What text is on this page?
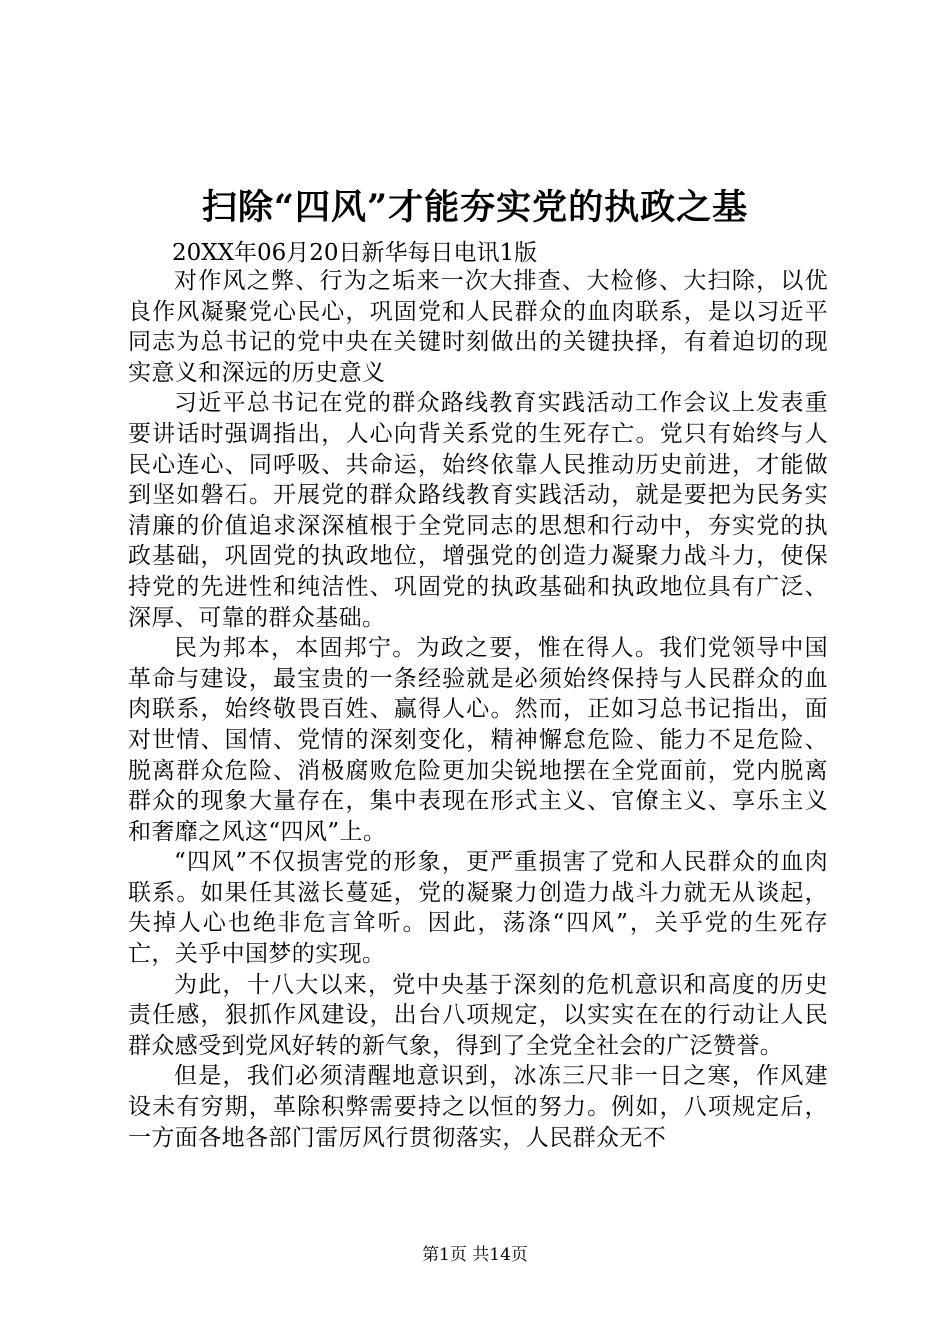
扫除“四风”才能夯实党的执政之基

20XX年06月20日新华每日电讯1版

对作风之弊、行为之垢来一次大排查、大检修、大扫除，以优良作风凝聚党心民心，巩固党和人民群众的血肉联系，是以习近平同志为总书记的党中央在关键时刻做出的关键抉择，有着迫切的现实意义和深远的历史意义

习近平总书记在党的群众路线教育实践活动工作会议上发表重要讲话时强调指出，人心向背关系党的生死存亡。党只有始终与人民心连心、同呼吸、共命运，始终依靠人民推动历史前进，才能做到坚如磐石。开展党的群众路线教育实践活动，就是要把为民务实清廉的价值追求深深植根于全党同志的思想和行动中，夯实党的执政基础，巩固党的执政地位，增强党的创造力凝聚力战斗力，使保持党的先进性和纯洁性、巩固党的执政基础和执政地位具有广泛、深厚、可靠的群众基础。

民为邦本，本固邦宁。为政之要，惟在得人。我们党领导中国革命与建设，最宝贵的一条经验就是必须始终保持与人民群众的血肉联系，始终敬畏百姓、赢得人心。然而，正如习总书记指出，面对世情、国情、党情的深刻变化，精神懈怠危险、能力不足危险、脱离群众危险、消极腐败危险更加尖锐地摆在全党面前，党内脱离群众的现象大量存在，集中表现在形式主义、官僚主义、享乐主义和奢靡之风这“四风”上。

“四风”不仅损害党的形象，更严重损害了党和人民群众的血肉联系。如果任其滋长蔓延，党的凝聚力创造力战斗力就无从谈起，失掉人心也绝非危言耸听。因此，荡涤“四风”，关乎党的生死存亡，关乎中国梦的实现。

为此，十八大以来，党中央基于深刻的危机意识和高度的历史责任感，狠抓作风建设，出台八项规定，以实实在在的行动让人民群众感受到党风好转的新气象，得到了全党全社会的广泛赞誉。

但是，我们必须清醒地意识到，冰冻三尺非一日之寒，作风建设未有穷期，革除积弊需要持之以恒的努力。例如，八项规定后，一方面各地各部门雷厉风行贯彻落实，人民群众无不

第1页 共14页
